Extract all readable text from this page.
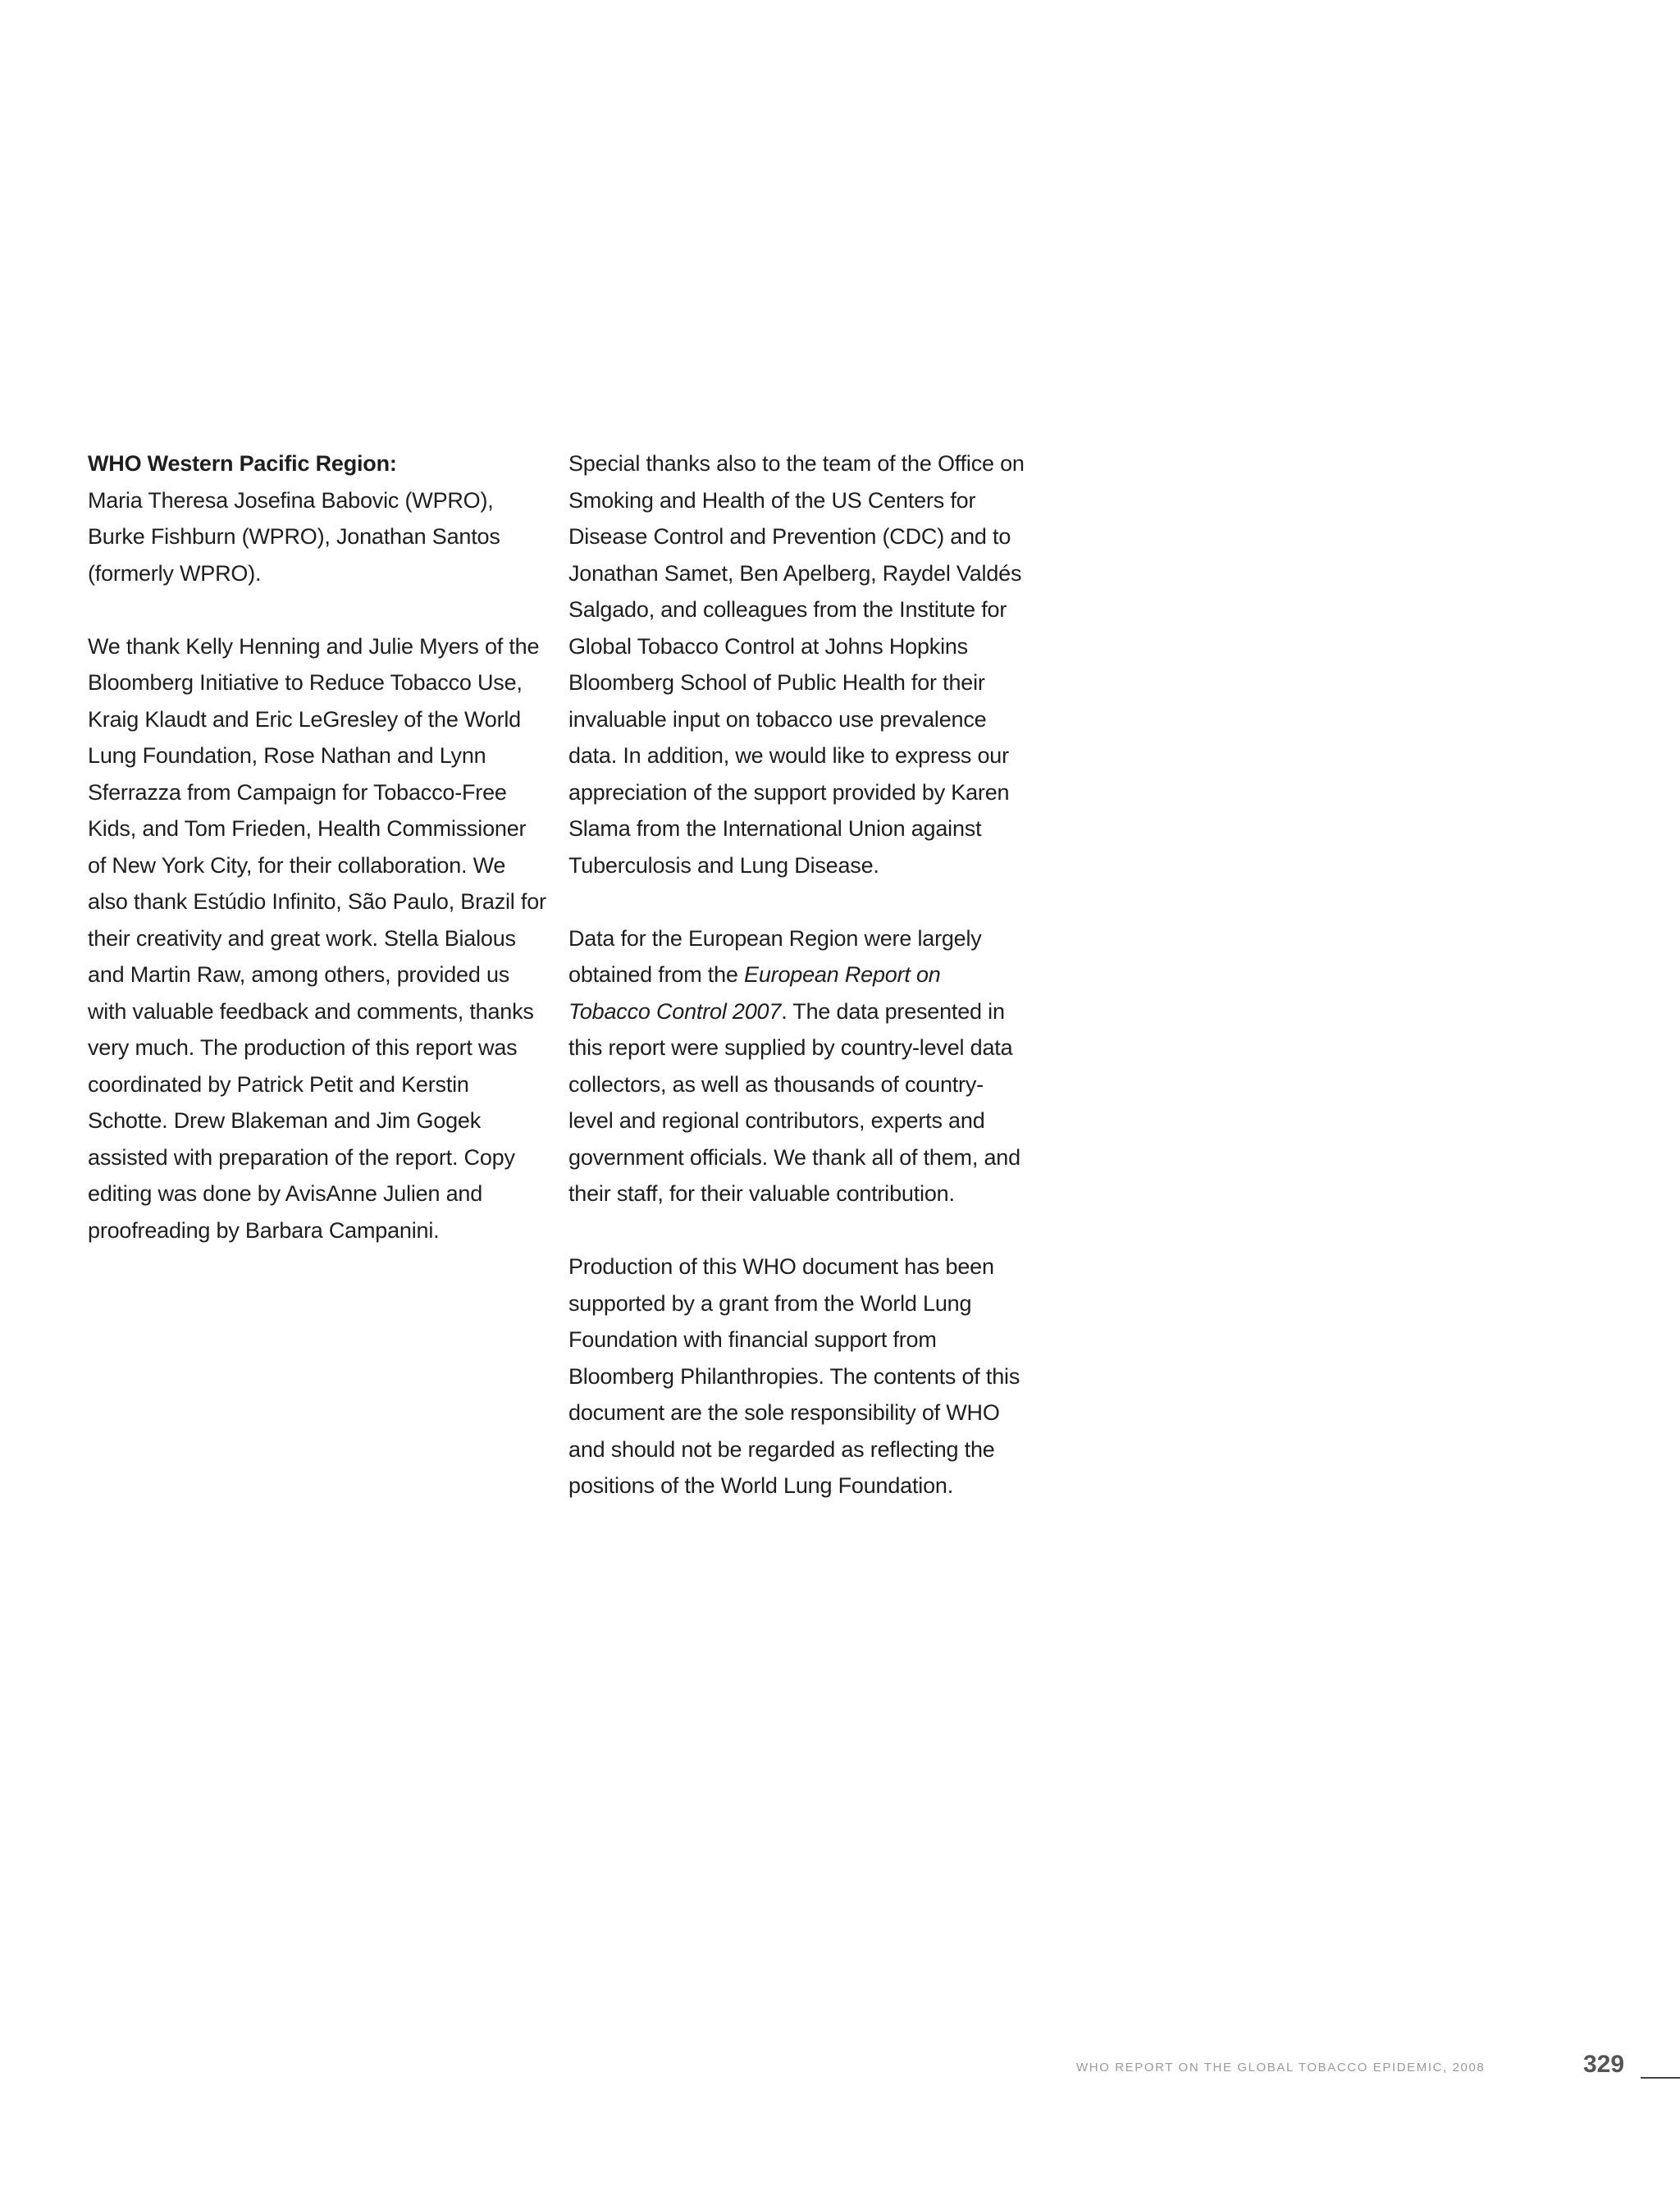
WHO Western Pacific Region:
Maria Theresa Josefina Babovic (WPRO), Burke Fishburn (WPRO), Jonathan Santos (formerly WPRO).

We thank Kelly Henning and Julie Myers of the Bloomberg Initiative to Reduce Tobacco Use, Kraig Klaudt and Eric LeGresley of the World Lung Foundation, Rose Nathan and Lynn Sferrazza from Campaign for Tobacco-Free Kids, and Tom Frieden, Health Commissioner of New York City, for their collaboration. We also thank Estúdio Infinito, São Paulo, Brazil for their creativity and great work. Stella Bialous and Martin Raw, among others, provided us with valuable feedback and comments, thanks very much. The production of this report was coordinated by Patrick Petit and Kerstin Schotte. Drew Blakeman and Jim Gogek assisted with preparation of the report. Copy editing was done by AvisAnne Julien and proofreading by Barbara Campanini.

Special thanks also to the team of the Office on Smoking and Health of the US Centers for Disease Control and Prevention (CDC) and to Jonathan Samet, Ben Apelberg, Raydel Valdés Salgado, and colleagues from the Institute for Global Tobacco Control at Johns Hopkins Bloomberg School of Public Health for their invaluable input on tobacco use prevalence data. In addition, we would like to express our appreciation of the support provided by Karen Slama from the International Union against Tuberculosis and Lung Disease.

Data for the European Region were largely obtained from the European Report on Tobacco Control 2007. The data presented in this report were supplied by country-level data collectors, as well as thousands of country-level and regional contributors, experts and government officials. We thank all of them, and their staff, for their valuable contribution.

Production of this WHO document has been supported by a grant from the World Lung Foundation with financial support from Bloomberg Philanthropies. The contents of this document are the sole responsibility of WHO and should not be regarded as reflecting the positions of the World Lung Foundation.

WHO REPORT ON THE GLOBAL TOBACCO EPIDEMIC, 2008	329
